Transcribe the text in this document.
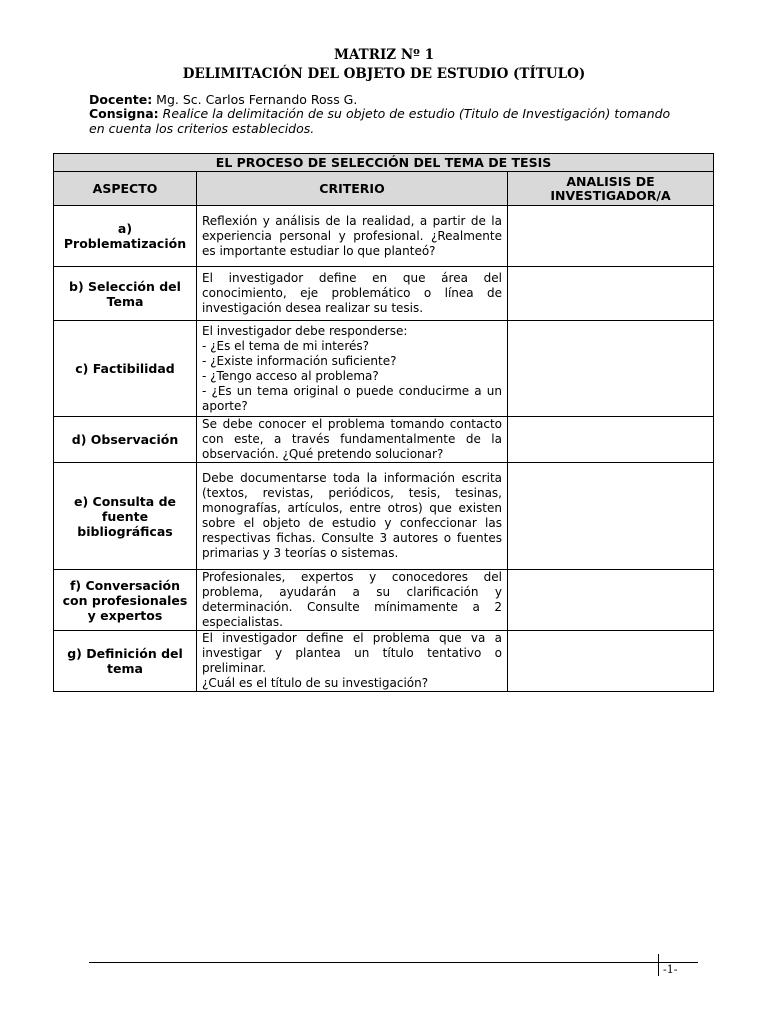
MATRIZ Nº 1
DELIMITACIÓN DEL OBJETO DE ESTUDIO (TÍTULO)
Docente: Mg. Sc. Carlos Fernando Ross G.
Consigna: Realice la delimitación de su objeto de estudio (Titulo de Investigación) tomando en cuenta los criterios establecidos.
EL PROCESO DE SELECCIÓN DEL TEMA DE TESIS		
ASPECTO	CRITERIO	ANALISIS DE INVESTIGADOR/A
a) Problematización	Reflexión y análisis de la realidad, a partir de la experiencia personal y profesional. ¿Realmente es importante estudiar lo que planteó?	
b) Selección del Tema	El investigador define en que área del conocimiento, eje problemático o línea de investigación desea realizar su tesis.	
c) Factibilidad	El investigador debe responderse:
- ¿Es el tema de mi interés?
- ¿Existe información suficiente?
- ¿Tengo acceso al problema?
- ¿Es un tema original o puede conducirme a un aporte?	

d) Observación	Se debe conocer el problema tomando contacto con este, a través fundamentalmente de la observación. ¿Qué pretendo solucionar?	
e) Consulta de fuente bibliográficas	Debe documentarse toda la información escrita (textos, revistas, periódicos, tesis, tesinas, monografías, artículos, entre otros) que existen sobre el objeto de estudio y confeccionar las respectivas fichas. Consulte 3 autores o fuentes primarias y 3 teorías o sistemas.	
f) Conversación con profesionales y expertos	Profesionales, expertos y conocedores del problema, ayudarán a su clarificación y determinación. Consulte mínimamente a 2 especialistas.	
g) Definición del tema	El investigador define el problema que va a investigar y plantea un título tentativo o preliminar.
¿Cuál es el título de su investigación?	

-1-
